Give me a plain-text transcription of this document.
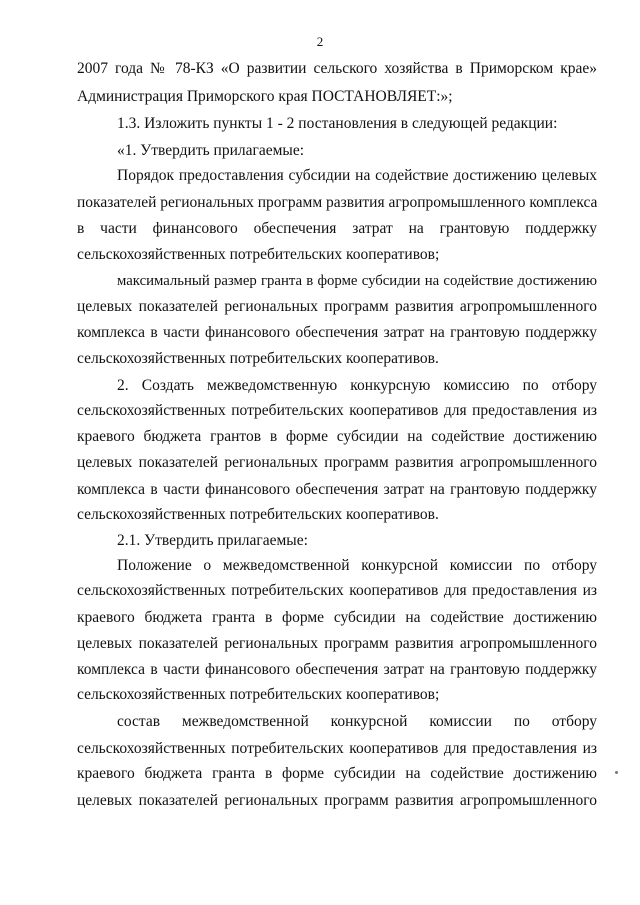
2
2007 года № 78-КЗ «О развитии сельского хозяйства в Приморском крае»
Администрация Приморского края ПОСТАНОВЛЯЕТ:»;
1.3. Изложить пункты 1 - 2 постановления в следующей редакции:
«1. Утвердить прилагаемые:
Порядок предоставления субсидии на содействие достижению целевых
показателей региональных программ развития агропромышленного комплекса
в части финансового обеспечения затрат на грантовую поддержку
сельскохозяйственных потребительских кооперативов;
максимальный размер гранта в форме субсидии на содействие достижению
целевых показателей региональных программ развития агропромышленного
комплекса в части финансового обеспечения затрат на грантовую поддержку
сельскохозяйственных потребительских кооперативов.
2. Создать межведомственную конкурсную комиссию по отбору
сельскохозяйственных потребительских кооперативов для предоставления из
краевого бюджета грантов в форме субсидии на содействие достижению
целевых показателей региональных программ развития агропромышленного
комплекса в части финансового обеспечения затрат на грантовую поддержку
сельскохозяйственных потребительских кооперативов.
2.1. Утвердить прилагаемые:
Положение о межведомственной конкурсной комиссии по отбору
сельскохозяйственных потребительских кооперативов для предоставления из
краевого бюджета гранта в форме субсидии на содействие достижению
целевых показателей региональных программ развития агропромышленного
комплекса в части финансового обеспечения затрат на грантовую поддержку
сельскохозяйственных потребительских кооперативов;
состав межведомственной конкурсной комиссии по отбору
сельскохозяйственных потребительских кооперативов для предоставления из
краевого бюджета гранта в форме субсидии на содействие достижению
целевых показателей региональных программ развития агропромышленного
